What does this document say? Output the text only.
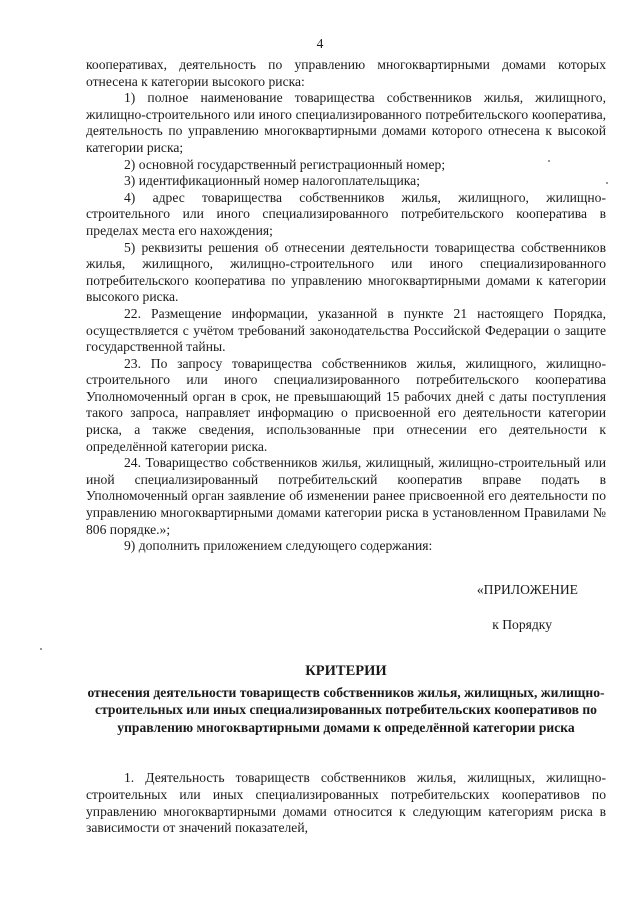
4

кооперативах, деятельность по управлению многоквартирными домами которых отнесена к категории высокого риска:

1) полное наименование товарищества собственников жилья, жилищного, жилищно-строительного или иного специализированного потребительского кооператива, деятельность по управлению многоквартирными домами которого отнесена к высокой категории риска;

2) основной государственный регистрационный номер;

3) идентификационный номер налогоплательщика;

4) адрес товарищества собственников жилья, жилищного, жилищно-строительного или иного специализированного потребительского кооператива в пределах места его нахождения;

5) реквизиты решения об отнесении деятельности товарищества собственников жилья, жилищного, жилищно-строительного или иного специализированного потребительского кооператива по управлению многоквартирными домами к категории высокого риска.

22. Размещение информации, указанной в пункте 21 настоящего Порядка, осуществляется с учётом требований законодательства Российской Федерации о защите государственной тайны.

23. По запросу товарищества собственников жилья, жилищного, жилищно-строительного или иного специализированного потребительского кооператива Уполномоченный орган в срок, не превышающий 15 рабочих дней с даты поступления такого запроса, направляет информацию о присвоенной его деятельности категории риска, а также сведения, использованные при отнесении его деятельности к определённой категории риска.

24. Товарищество собственников жилья, жилищный, жилищно-строительный или иной специализированный потребительский кооператив вправе подать в Уполномоченный орган заявление об изменении ранее присвоенной его деятельности по управлению многоквартирными домами категории риска в установленном Правилами № 806 порядке.»;

9) дополнить приложением следующего содержания:

«ПРИЛОЖЕНИЕ
к Порядку
КРИТЕРИИ
отнесения деятельности товариществ собственников жилья, жилищных, жилищно-строительных или иных специализированных потребительских кооперативов по управлению многоквартирными домами к определённой категории риска

1. Деятельность товариществ собственников жилья, жилищных, жилищно-строительных или иных специализированных потребительских кооперативов по управлению многоквартирными домами относится к следующим категориям риска в зависимости от значений показателей,
